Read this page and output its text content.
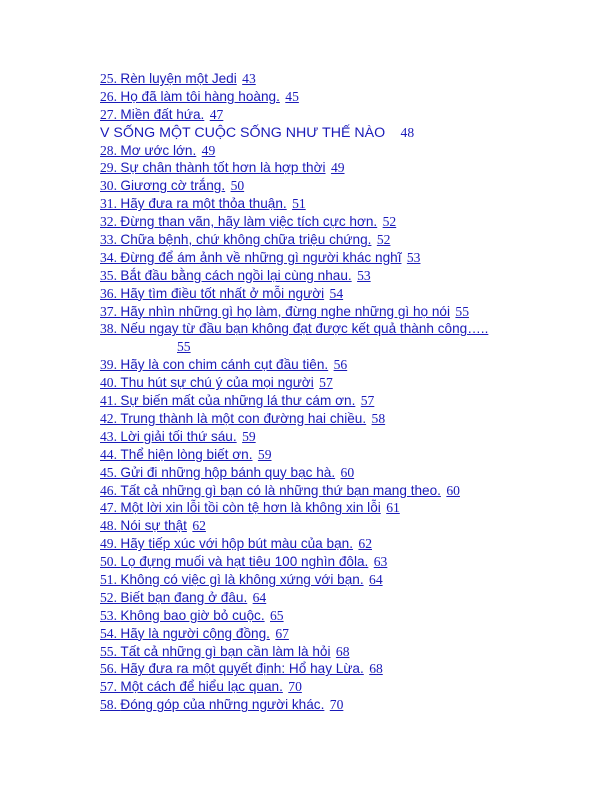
25. Rèn luyện một Jedi 43
26. Họ đã làm tôi hàng hoàng. 45
27. Miền đất hứa. 47
V SỐNG MỘT CUỘC SỐNG NHƯ THẾ NÀO 48
28. Mơ ước lớn. 49
29. Sự chân thành tốt hơn là hợp thời 49
30. Giương cờ trắng. 50
31. Hãy đưa ra một thỏa thuận. 51
32. Đừng than vãn, hãy làm việc tích cực hơn. 52
33. Chữa bệnh, chứ không chữa triệu chứng. 52
34. Đừng để ám ảnh về những gì người khác nghĩ 53
35. Bắt đầu bằng cách ngồi lại cùng nhau. 53
36. Hãy tìm điều tốt nhất ở mỗi người 54
37. Hãy nhìn những gì họ làm, đừng nghe những gì họ nói 55
38. Nếu ngay từ đầu bạn không đạt được kết quả thành công…..
55
39. Hãy là con chim cánh cụt đầu tiên. 56
40. Thu hút sự chú ý của mọi người 57
41. Sự biến mất của những lá thư cám ơn. 57
42. Trung thành là một con đường hai chiều. 58
43. Lời giải tối thứ sáu. 59
44. Thể hiện lòng biết ơn. 59
45. Gửi đi những hộp bánh quy bạc hà. 60
46. Tất cả những gì bạn có là những thứ bạn mang theo. 60
47. Một lời xin lỗi tồi còn tệ hơn là không xin lỗi 61
48. Nói sự thật 62
49. Hãy tiếp xúc với hộp bút màu của bạn. 62
50. Lọ đựng muối và hạt tiêu 100 nghìn đôla. 63
51. Không có việc gì là không xứng với bạn. 64
52. Biết bạn đang ở đâu. 64
53. Không bao giờ bỏ cuộc. 65
54. Hãy là người cộng đồng. 67
55. Tất cả những gì bạn cần làm là hỏi 68
56. Hãy đưa ra một quyết định: Hổ hay Lừa. 68
57. Một cách để hiểu lạc quan. 70
58. Đóng góp của những người khác. 70
